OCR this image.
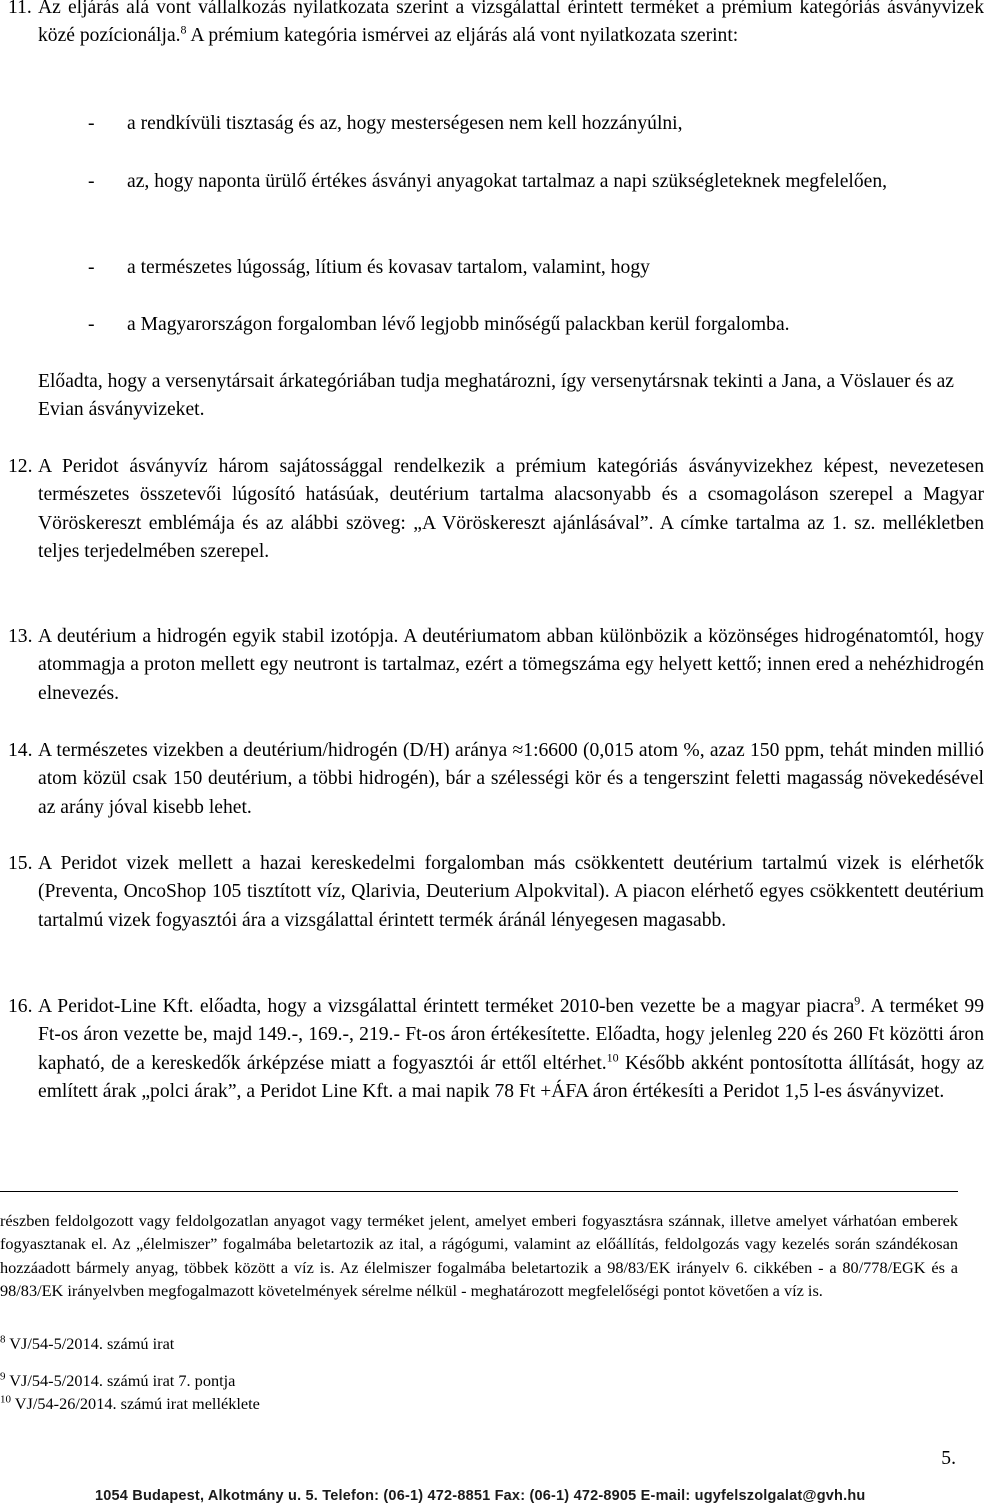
11. Az eljárás alá vont vállalkozás nyilatkozata szerint a vizsgálattal érintett terméket a prémium kategóriás ásványvizek közé pozícionálja.$^8$ A prémium kategória ismérvei az eljárás alá vont nyilatkozata szerint:

- a rendkívüli tisztaság és az, hogy mesterségesen nem kell hozzányúlni,
- az, hogy naponta ürülő értékes ásványi anyagokat tartalmaz a napi szükségleteknek megfelelően,
- a természetes lúgosság, lítium és kovasav tartalom, valamint, hogy
- a Magyarországon forgalomban lévő legjobb minőségű palackban kerül forgalomba.

Előadta, hogy a versenytársait árkategóriában tudja meghatározni, így versenytársnak tekinti a Jana, a Vöslauer és az Evian ásványvizeket.

12. A Peridot ásványvíz három sajátossággal rendelkezik a prémium kategóriás ásványvizekhez képest, nevezetesen természetes összetevői lúgosító hatásúak, deutérium tartalma alacsonyabb és a csomagoláson szerepel a Magyar Vöröskereszt emblémája és az alábbi szöveg: „A Vöröskereszt ajánlásával”. A címke tartalma az 1. sz. mellékletben teljes terjedelmében szerepel.

13. A deutérium a hidrogén egyik stabil izotópja. A deutériumatom abban különbözik a közönséges hidrogénatomtól, hogy atommagja a proton mellett egy neutront is tartalmaz, ezért a tömegszáma egy helyett kettő; innen ered a nehézhidrogén elnevezés.

14. A természetes vizekben a deutérium/hidrogén (D/H) aránya ≈1:6600 (0,015 atom %, azaz 150 ppm, tehát minden millió atom közül csak 150 deutérium, a többi hidrogén), bár a szélességi kör és a tengerszint feletti magasság növekedésével az arány jóval kisebb lehet.

15. A Peridot vizek mellett a hazai kereskedelmi forgalomban más csökkentett deutérium tartalmú vizek is elérhetők (Preventa, OncoShop 105 tisztított víz, Qlarivia, Deuterium Alpokvital). A piacon elérhető egyes csökkentett deutérium tartalmú vizek fogyasztói ára a vizsgálattal érintett termék áránál lényegesen magasabb.

16. A Peridot-Line Kft. előadta, hogy a vizsgálattal érintett terméket 2010-ben vezette be a magyar piacra$^9$. A terméket 99 Ft-os áron vezette be, majd 149.-, 169.-, 219.- Ft-os áron értékesítette. Előadta, hogy jelenleg 220 és 260 Ft közötti áron kapható, de a kereskedők árképzése miatt a fogyasztói ár ettől eltérhet.$^{10}$ Később akként pontosította állítását, hogy az említett árak „polci árak”, a Peridot Line Kft. a mai napik 78 Ft +ÁFA áron értékesíti a Peridot 1,5 l-es ásványvizet.

részben feldolgozott vagy feldolgozatlan anyagot vagy terméket jelent, amelyet emberi fogyasztásra szánnak, illetve amelyet várhatóan emberek fogyasztanak el. Az „élelmiszer” fogalmába beletartozik az ital, a rágógumi, valamint az előállítás, feldolgozás vagy kezelés során szándékosan hozzáadott bármely anyag, többek között a víz is. Az élelmiszer fogalmába beletartozik a 98/83/EK irányelv 6. cikkében - a 80/778/EGK és a 98/83/EK irányelvben megfogalmazott követelmények sérelme nélkül - meghatározott megfelelőségi pontot követően a víz is.

$^8$ VJ/54-5/2014. számú irat
$^9$ VJ/54-5/2014. számú irat 7. pontja
$^{10}$ VJ/54-26/2014. számú irat melléklete
5.
1054 Budapest, Alkotmány u. 5. Telefon: (06-1) 472-8851 Fax: (06-1) 472-8905 E-mail: ugyfelszolgalat@gvh.hu
